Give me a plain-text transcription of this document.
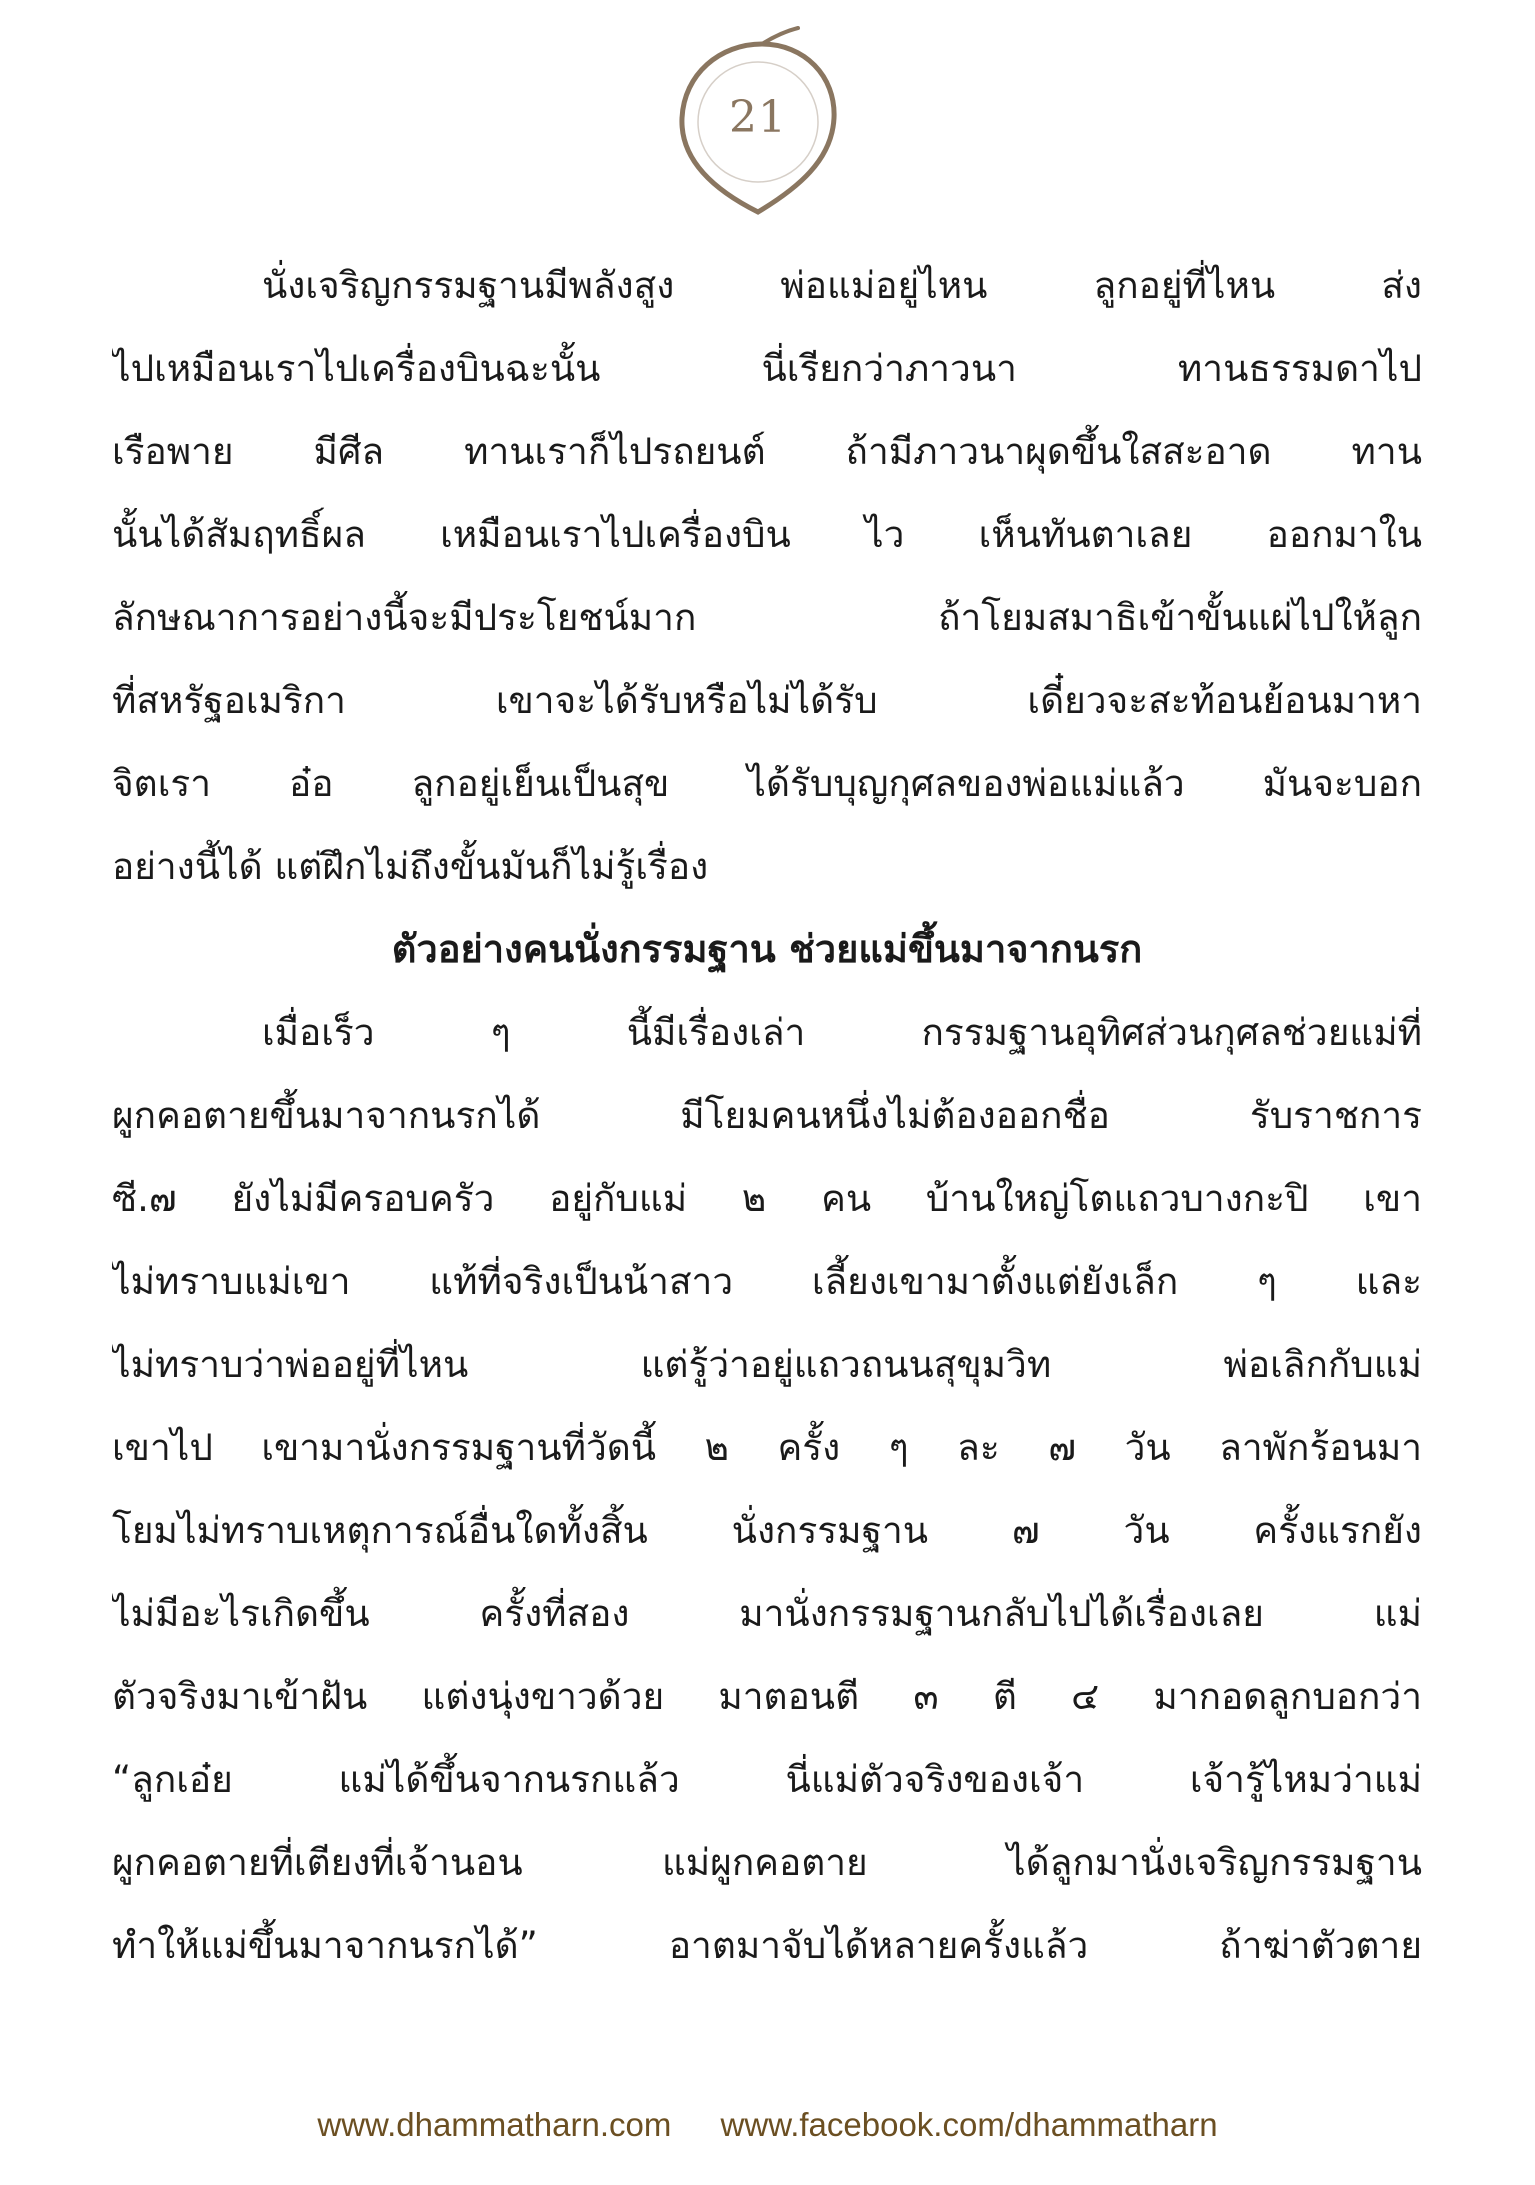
21
นั่งเจริญกรรมฐานมีพลังสูง พ่อแม่อยู่ไหน ลูกอยู่ที่ไหน ส่ง
ไปเหมือนเราไปเครื่องบินฉะนั้น นี่เรียกว่าภาวนา ทานธรรมดาไป
เรือพาย มีศีล ทานเราก็ไปรถยนต์ ถ้ามีภาวนาผุดขึ้นใสสะอาด ทาน
นั้นได้สัมฤทธิ์ผล เหมือนเราไปเครื่องบิน ไว เห็นทันตาเลย ออกมาใน
ลักษณาการอย่างนี้จะมีประโยชน์มาก ถ้าโยมสมาธิเข้าขั้นแผ่ไปให้ลูก
ที่สหรัฐอเมริกา เขาจะได้รับหรือไม่ได้รับ เดี๋ยวจะสะท้อนย้อนมาหา
จิตเรา อ๋อ ลูกอยู่เย็นเป็นสุข ได้รับบุญกุศลของพ่อแม่แล้ว มันจะบอก
อย่างนี้ได้ แต่ฝึกไม่ถึงขั้นมันก็ไม่รู้เรื่อง
ตัวอย่างคนนั่งกรรมฐาน ช่วยแม่ขึ้นมาจากนรก
เมื่อเร็ว ๆ นี้มีเรื่องเล่า กรรมฐานอุทิศส่วนกุศลช่วยแม่ที่
ผูกคอตายขึ้นมาจากนรกได้ มีโยมคนหนึ่งไม่ต้องออกชื่อ รับราชการ
ซี.๗ ยังไม่มีครอบครัว อยู่กับแม่ ๒ คน บ้านใหญ่โตแถวบางกะปิ เขา
ไม่ทราบแม่เขา แท้ที่จริงเป็นน้าสาว เลี้ยงเขามาตั้งแต่ยังเล็ก ๆ และ
ไม่ทราบว่าพ่ออยู่ที่ไหน แต่รู้ว่าอยู่แถวถนนสุขุมวิท พ่อเลิกกับแม่
เขาไป เขามานั่งกรรมฐานที่วัดนี้ ๒ ครั้ง ๆ ละ ๗ วัน ลาพักร้อนมา
โยมไม่ทราบเหตุการณ์อื่นใดทั้งสิ้น นั่งกรรมฐาน ๗ วัน ครั้งแรกยัง
ไม่มีอะไรเกิดขึ้น ครั้งที่สอง มานั่งกรรมฐานกลับไปได้เรื่องเลย แม่
ตัวจริงมาเข้าฝัน แต่งนุ่งขาวด้วย มาตอนตี ๓ ตี ๔ มากอดลูกบอกว่า
“ลูกเอ๋ย แม่ได้ขึ้นจากนรกแล้ว นี่แม่ตัวจริงของเจ้า เจ้ารู้ไหมว่าแม่
ผูกคอตายที่เตียงที่เจ้านอน แม่ผูกคอตาย ได้ลูกมานั่งเจริญกรรมฐาน
ทำให้แม่ขึ้นมาจากนรกได้” อาตมาจับได้หลายครั้งแล้ว ถ้าฆ่าตัวตาย
www.dhammatharn.com www.facebook.com/dhammatharn
